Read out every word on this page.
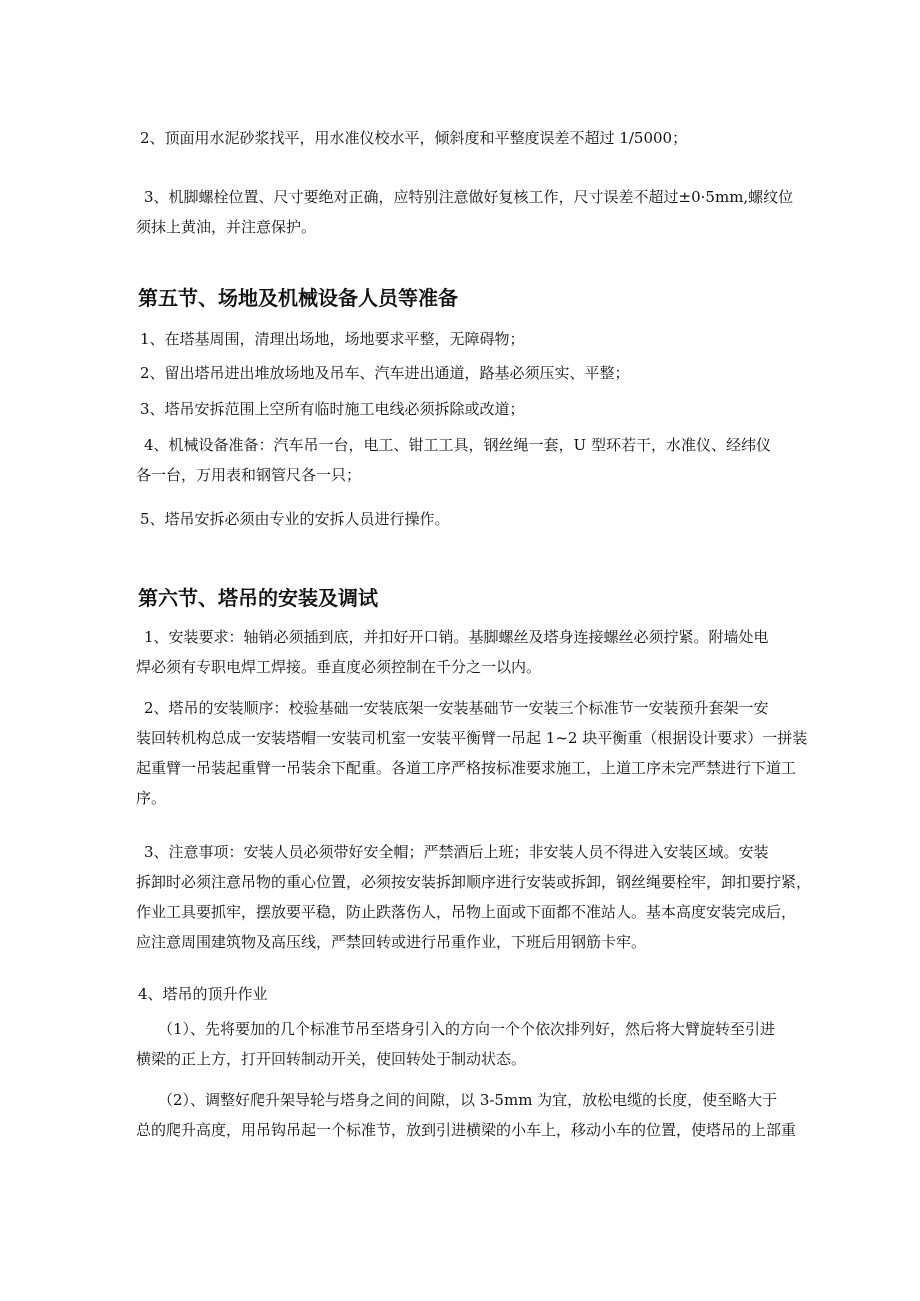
2、顶面用水泥砂浆找平，用水准仪校水平，倾斜度和平整度误差不超过 1/5000；

3、机脚螺栓位置、尺寸要绝对正确，应特别注意做好复核工作，尺寸误差不超过±0·5mm,螺纹位
须抹上黄油，并注意保护。

第五节、场地及机械设备人员等准备

1、在塔基周围，清理出场地，场地要求平整，无障碍物；

2、留出塔吊进出堆放场地及吊车、汽车进出通道，路基必须压实、平整；

3、塔吊安拆范围上空所有临时施工电线必须拆除或改道；

4、机械设备准备：汽车吊一台，电工、钳工工具，钢丝绳一套，U 型环若干，水准仪、经纬仪
各一台，万用表和钢管尺各一只；

5、塔吊安拆必须由专业的安拆人员进行操作。

第六节、塔吊的安装及调试

1、安装要求：轴销必须插到底，并扣好开口销。基脚螺丝及塔身连接螺丝必须拧紧。附墙处电
焊必须有专职电焊工焊接。垂直度必须控制在千分之一以内。

2、塔吊的安装顺序：校验基础一安装底架一安装基础节一安装三个标准节一安装预升套架一安
装回转机构总成一安装塔帽一安装司机室一安装平衡臂一吊起 1~2 块平衡重（根据设计要求）一拼装
起重臂一吊装起重臂一吊装余下配重。各道工序严格按标准要求施工，上道工序未完严禁进行下道工
序。

3、注意事项：安装人员必须带好安全帽；严禁酒后上班；非安装人员不得进入安装区域。安装
拆卸时必须注意吊物的重心位置，必须按安装拆卸顺序进行安装或拆卸，钢丝绳要栓牢，卸扣要拧紧，
作业工具要抓牢，摆放要平稳，防止跌落伤人，吊物上面或下面都不准站人。基本高度安装完成后，
应注意周围建筑物及高压线，严禁回转或进行吊重作业，下班后用钢筋卡牢。

4、塔吊的顶升作业

（1）、先将要加的几个标准节吊至塔身引入的方向一个个依次排列好，然后将大臂旋转至引进
横梁的正上方，打开回转制动开关，使回转处于制动状态。

（2）、调整好爬升架导轮与塔身之间的间隙，以 3-5mm 为宜，放松电缆的长度，使至略大于
总的爬升高度，用吊钩吊起一个标准节，放到引进横梁的小车上，移动小车的位置，使塔吊的上部重
